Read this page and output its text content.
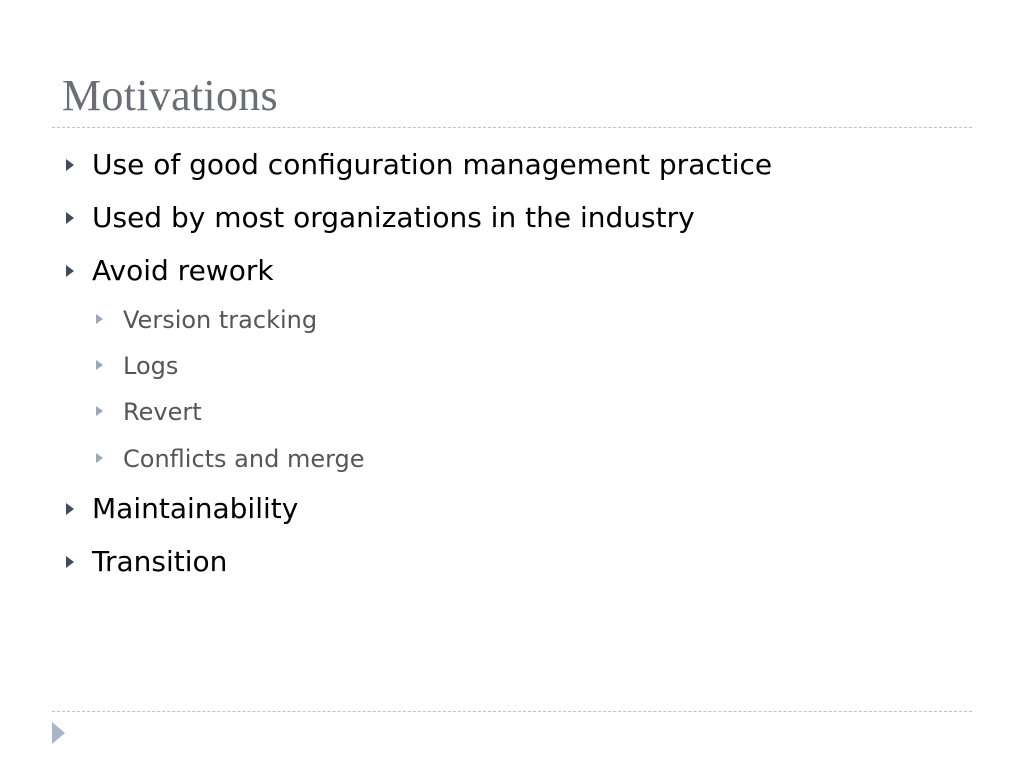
Motivations
Use of good configuration management practice
Used by most organizations in the industry
Avoid rework
Version tracking
Logs
Revert
Conflicts and merge
Maintainability
Transition
